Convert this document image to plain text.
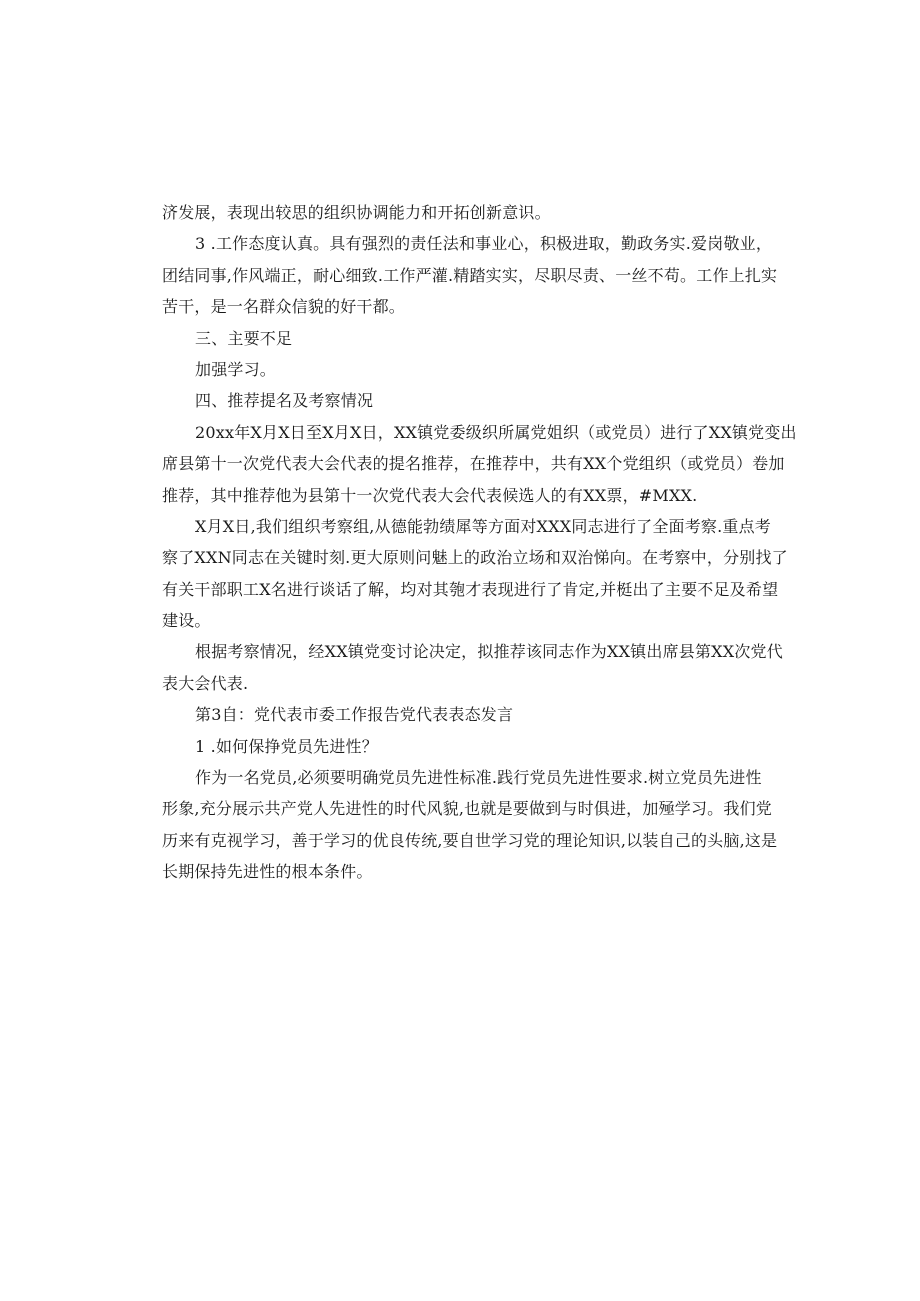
济发展，表现出较思的组织协调能力和开拓创新意识。
3 .工作态度认真。具有强烈的责任法和事业心，积极进取，勤政务实.爱岗敬业，
团结同事,作风端正，耐心细致.工作严灌.精踏实实，尽职尽责、一丝不苟。工作上扎实
苦干，是一名群众信貌的好干都。
三、主要不足
加强学习。
四、推荐提名及考察情况
20xx年X月X日至X月X日，XX镇党委级织所属党姐织（或党员）进行了XX镇党变出
席县第十一次党代表大会代表的提名推荐，在推荐中，共有XX个党组织（或党员）卷加
推荐，其中推荐他为县第十一次党代表大会代表候选人的有XX票，#MXX.
X月X日,我们组织考察组,从德能勃绩犀等方面对XXX同志进行了全面考察.重点考
察了XXN同志在关键时刻.更大原则问魅上的政治立场和双治悌向。在考察中，分别找了
有关干部职工X名进行谈话了解，均对其匏才表现进行了肯定,并梃出了主要不足及希望
建设。
根据考察情况，经XX镇党变讨论决定，拟推荐该同志作为XX镇出席县第XX次党代
表大会代表.
第3自：党代表市委工作报告党代表表态发言
1 .如何保挣党员先进性？
作为一名党员,必须要明确党员先进性标准.践行党员先进性要求.树立党员先进性
形象,充分展示共产党人先进性的时代风貌,也就是要做到与时俱进，加殛学习。我们党
历来有克视学习，善于学习的优良传统,要自世学习党的理论知识,以装自己的头脑,这是
长期保持先进性的根本条件。
